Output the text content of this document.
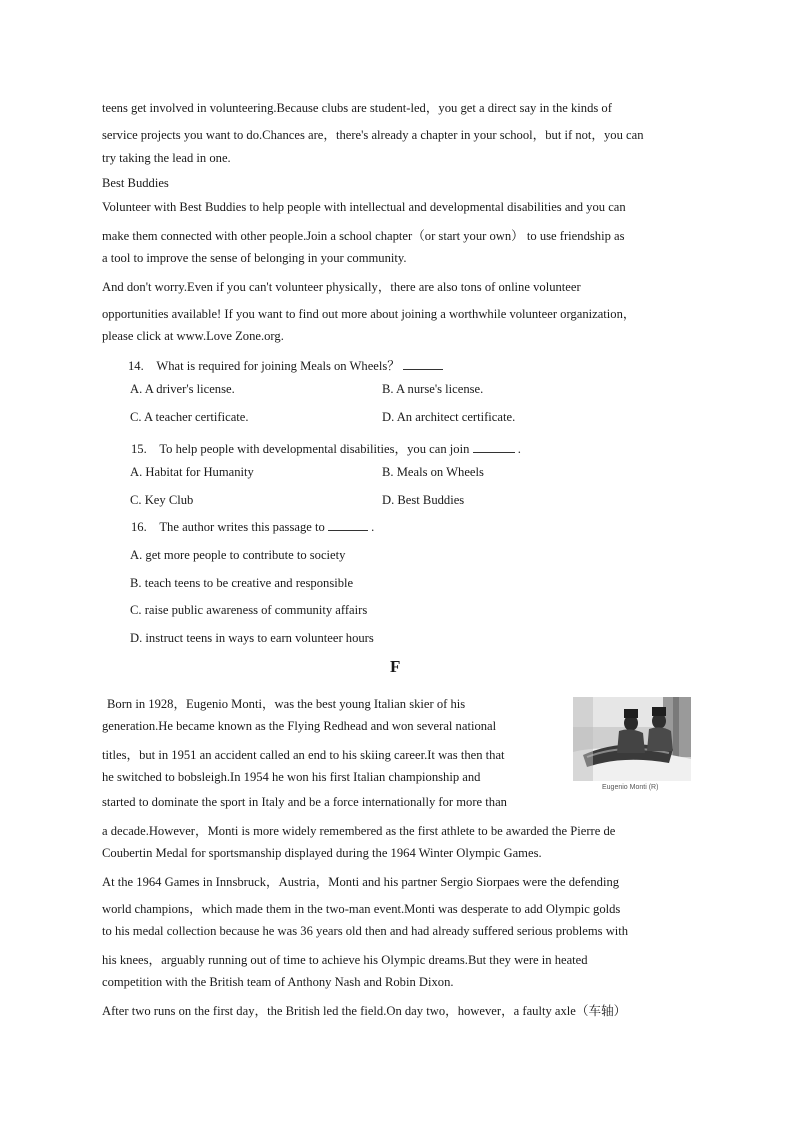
teens get involved in volunteering.Because clubs are student-led，you get a direct say in the kinds of
service projects you want to do.Chances are，there's already a chapter in your school，but if not，you can
try taking the lead in one.
Best Buddies
Volunteer with Best Buddies to help people with intellectual and developmental disabilities and you can
make them connected with other people.Join a school chapter（or start your own） to use friendship as
a tool to improve the sense of belonging in your community.
And don't worry.Even if you can't volunteer physically，there are also tons of online volunteer
opportunities available! If you want to find out more about joining a worthwhile volunteer organization，
please click at www.Love Zone.org.
14. What is required for joining Meals on Wheels？
A. A driver's license.	B. A nurse's license.
C. A teacher certificate.	D. An architect certificate.
15. To help people with developmental disabilities，you can join	.
A. Habitat for Humanity	B. Meals on Wheels
C. Key Club	D. Best Buddies
16. The author writes this passage to	.
A. get more people to contribute to society
B. teach teens to be creative and responsible
C. raise public awareness of community affairs
D. instruct teens in ways to earn volunteer hours
F
Eugenio Monti (R)
Born in 1928，Eugenio Monti，was the best young Italian skier of his
generation.He became known as the Flying Redhead and won several national
titles，but in 1951 an accident called an end to his skiing career.It was then that
he switched to bobsleigh.In 1954 he won his first Italian championship and
started to dominate the sport in Italy and be a force internationally for more than
a decade.However，Monti is more widely remembered as the first athlete to be awarded the Pierre de
Coubertin Medal for sportsmanship displayed during the 1964 Winter Olympic Games.
At the 1964 Games in Innsbruck，Austria，Monti and his partner Sergio Siorpaes were the defending
world champions，which made them in the two-man event.Monti was desperate to add Olympic golds
to his medal collection because he was 36 years old then and had already suffered serious problems with
his knees，arguably running out of time to achieve his Olympic dreams.But they were in heated
competition with the British team of Anthony Nash and Robin Dixon.
After two runs on the first day，the British led the field.On day two，however，a faulty axle（车轴）
